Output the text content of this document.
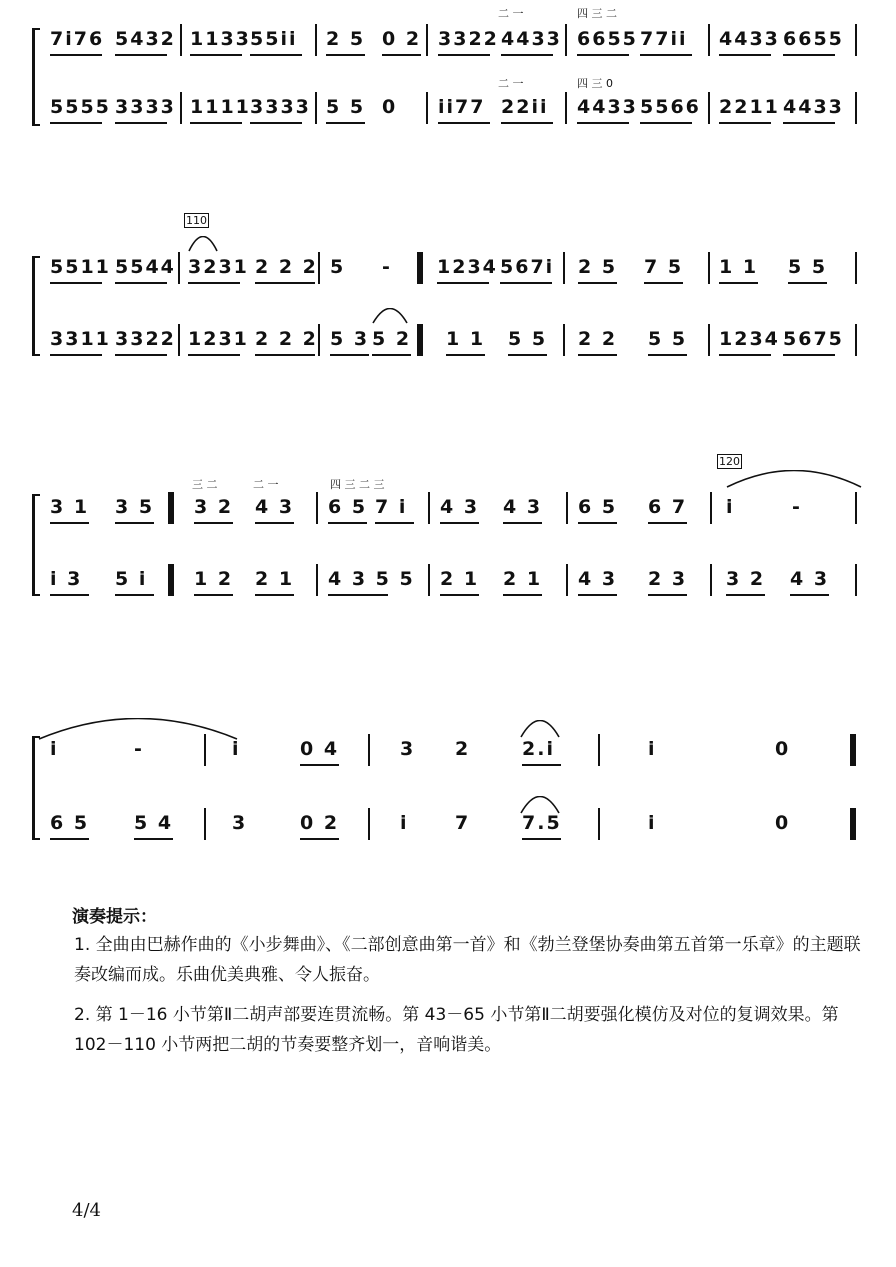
7i76 5432 1133 55ii 2 5 0 2 3322 4433 6655 77ii 4433 6655
5555 3333 1111 3333 5 5 0 ii77 22ii 4433 5566 2211 4433
二 一	四 三 二
二 一	四 三 0
110
5511 5544 3231 2 2 2 5 - 1234 567i 2 5 7 5 1 1 5 5
3311 3322 1231 2 2 2 5 3 5 2 1 1 5 5 2 2 5 5 1234 5675
120
3 1 3 5 3 2 4 3 6 5 7 i 4 3 4 3 6 5 6 7 i	-
i 3 5 i 1 2 2 1 4 3 5 5 2 1 2 1 4 3 2 3 3 2 4 3
三 二	二 一	四 三 二 三
i	-	i	0 4	3 2	2.i	i	0
6 5 5 4	3	0 2	i 7	7.5	i	0
演奏提示：
1. 全曲由巴赫作曲的《小步舞曲》、《二部创意曲第一首》和《勃兰登堡协奏曲第五首第一乐章》的主题联奏改编而成。乐曲优美典雅、令人振奋。
2. 第 1－16 小节第Ⅱ二胡声部要连贯流畅。第 43－65 小节第Ⅱ二胡要强化模仿及对位的复调效果。第 102－110 小节两把二胡的节奏要整齐划一，音响谐美。
4/4
